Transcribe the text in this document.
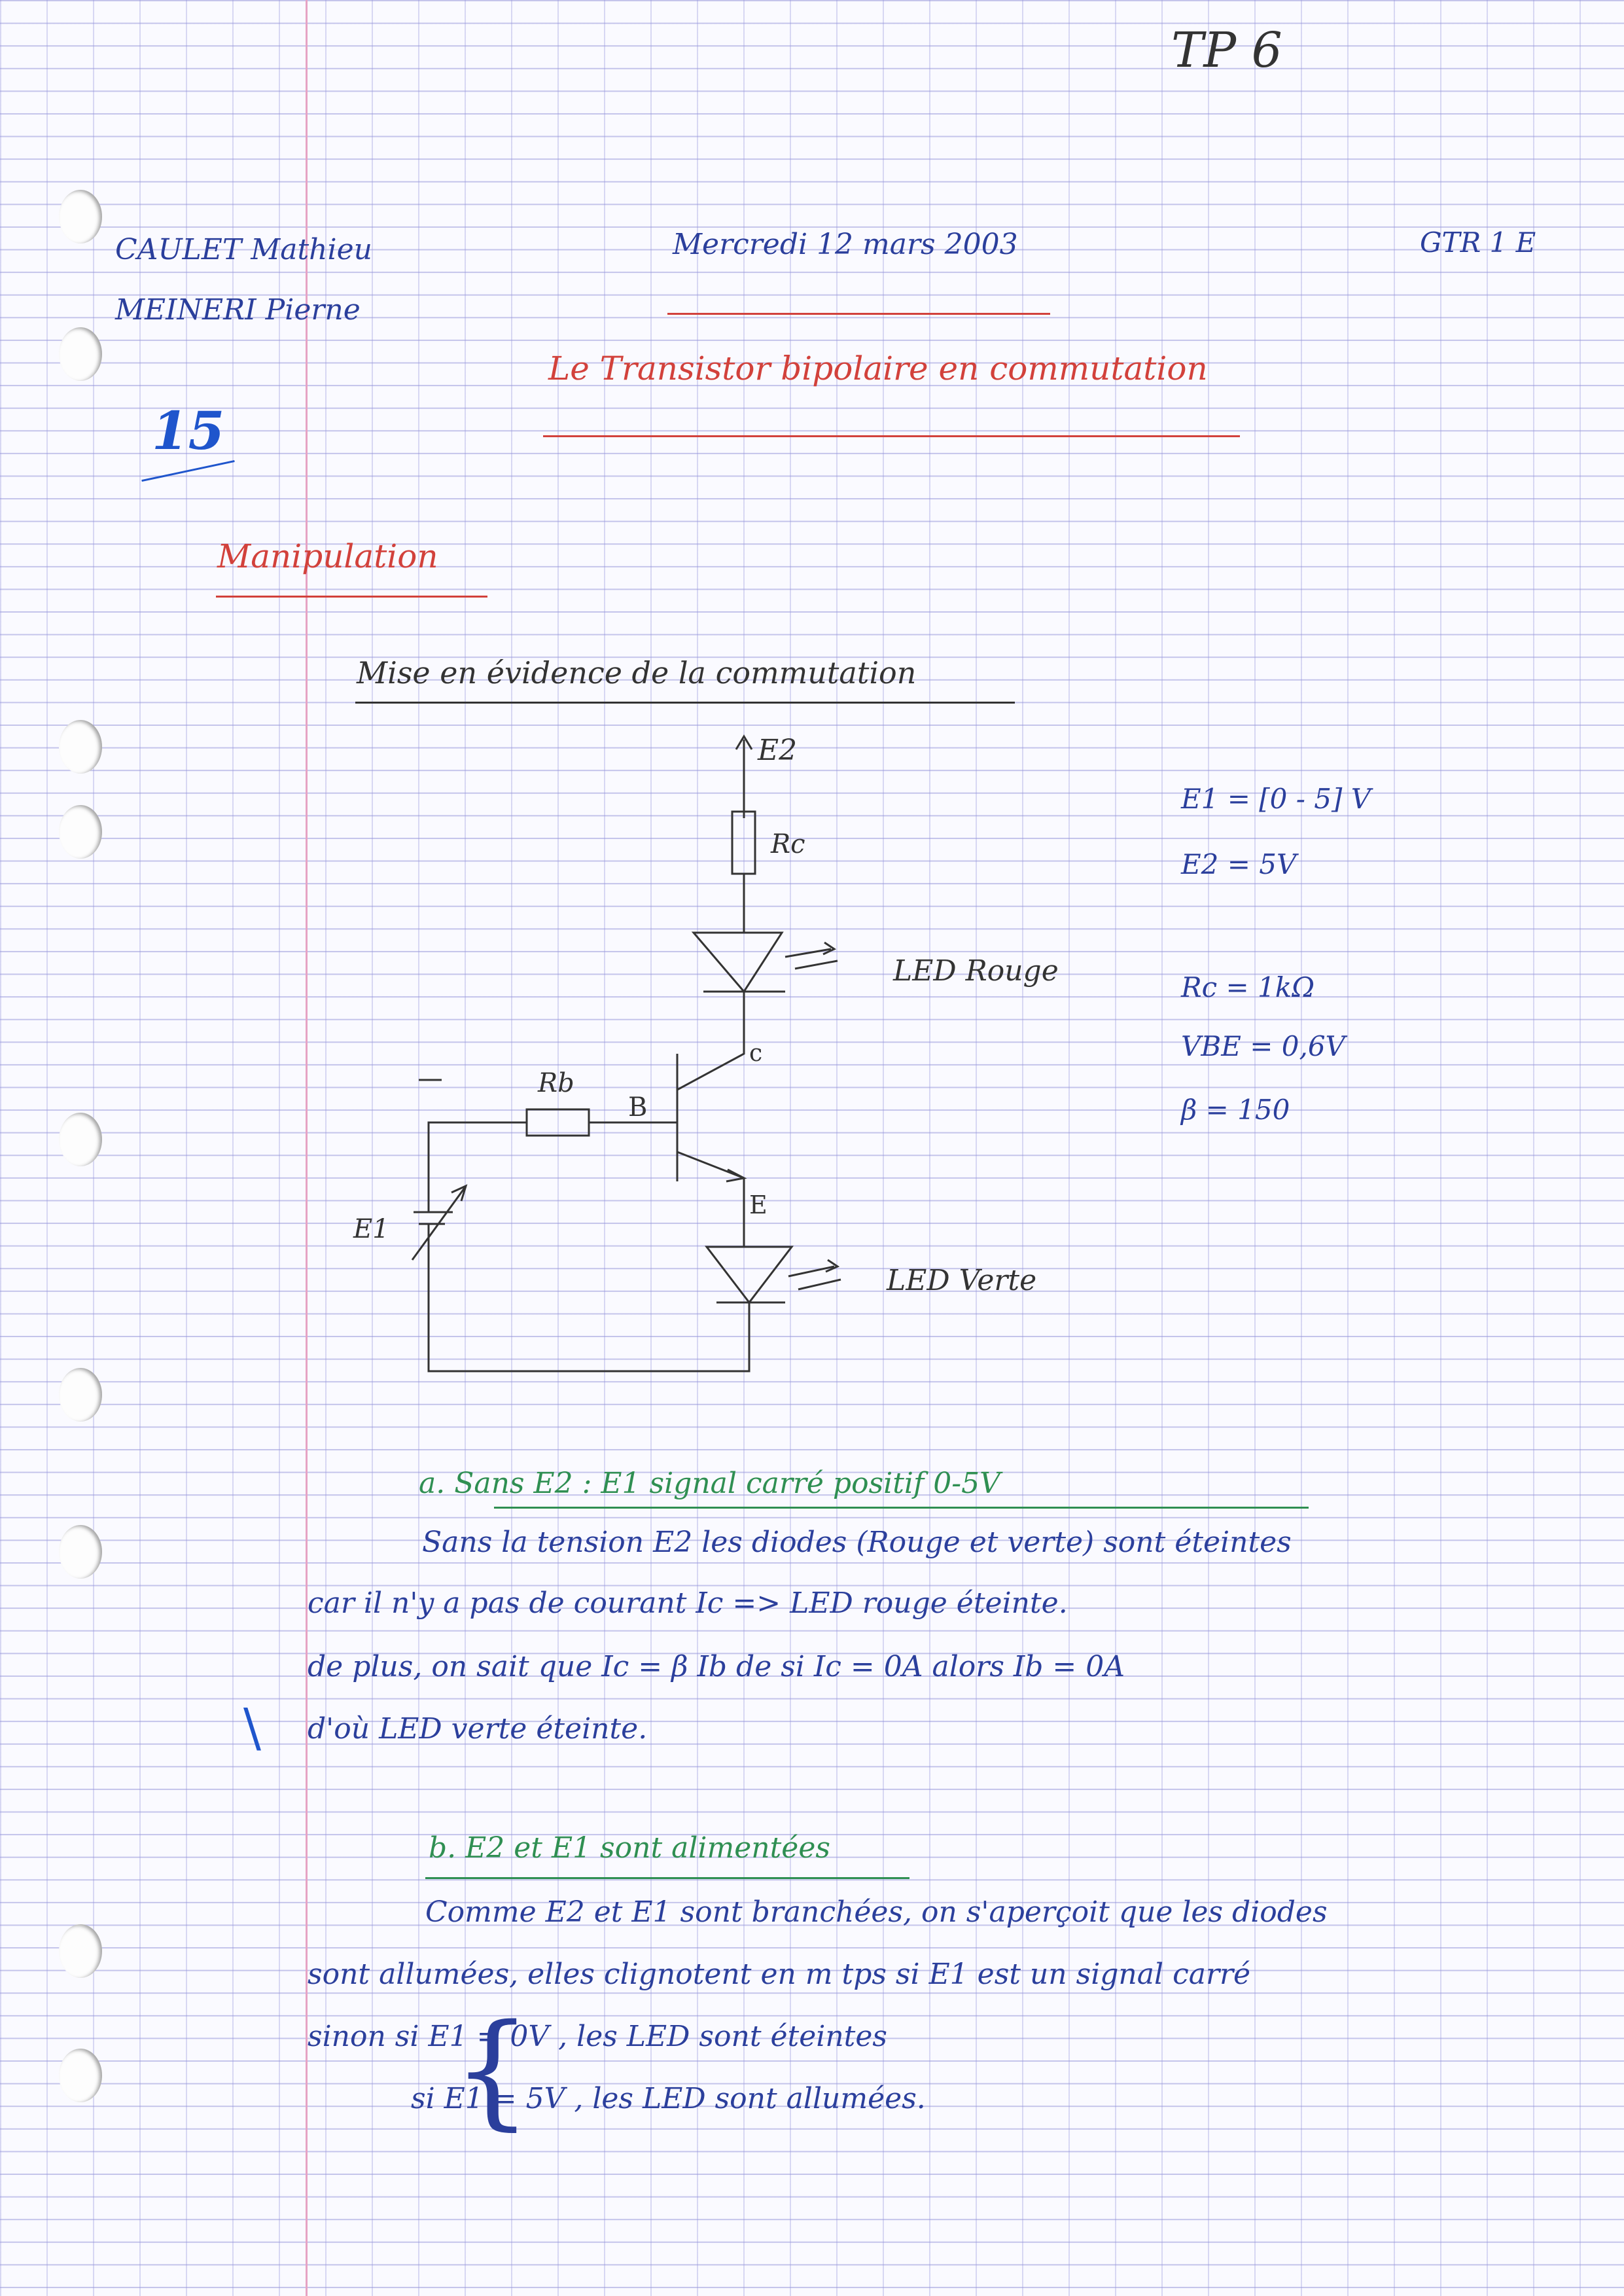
TP 6
CAULET Mathieu
MEINERI Pierne
Mercredi 12 mars 2003	GTR 1 E
Le Transistor bipolaire en commutation
15
Manipulation
Mise en évidence de la commutation
E2
Rc
Rb
B
c
E
E1
LED Rouge
LED Verte
E1 = [0 - 5] V
E2 = 5V
Rc = 1kΩ
VBE = 0,6V
β = 150
a. Sans E2 : E1 signal carré positif 0-5V
Sans la tension E2 les diodes (Rouge et verte) sont éteintes
car il n'y a pas de courant Ic => LED rouge éteinte.
de plus, on sait que Ic = β Ib de si Ic = 0A alors Ib = 0A
d'où LED verte éteinte.
\
b. E2 et E1 sont alimentées
Comme E2 et E1 sont branchées, on s'aperçoit que les diodes
sont allumées, elles clignotent en m tps si E1 est un signal carré
sinon si E1 = 0V , les LED sont éteintes
si E1 = 5V , les LED sont allumées.
{
